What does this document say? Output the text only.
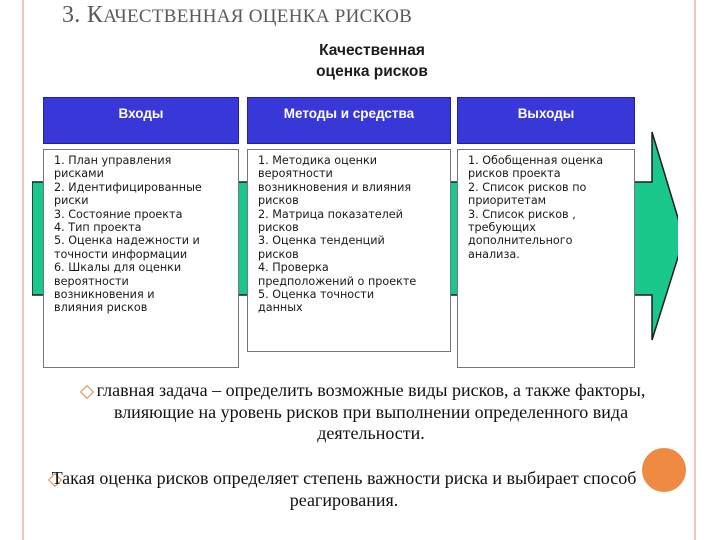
3. КАЧЕСТВЕННАЯ ОЦЕНКА РИСКОВ
Качественная
оценка рисков
Входы
1. План управления
рисками
2. Идентифицированные
риски
3. Состояние проекта
4. Тип проекта
5. Оценка надежности и
точности информации
6. Шкалы для оценки
вероятности
возникновения и
влияния рисков
Методы и средства
1. Методика оценки
вероятности
возникновения и влияния
рисков
2. Матрица показателей
рисков
3. Оценка тенденций
рисков
4. Проверка
предположений о проекте
5. Оценка точности
данных
Выходы
1. Обобщенная оценка
рисков проекта
2. Список рисков по
приоритетам
3. Список рисков ,
требующих
дополнительного
анализа.
главная задача – определить возможные виды рисков, а также факторы, влияющие на уровень рисков при выполнении определенного вида деятельности.
Такая оценка рисков определяет степень важности риска и выбирает способ реагирования.
